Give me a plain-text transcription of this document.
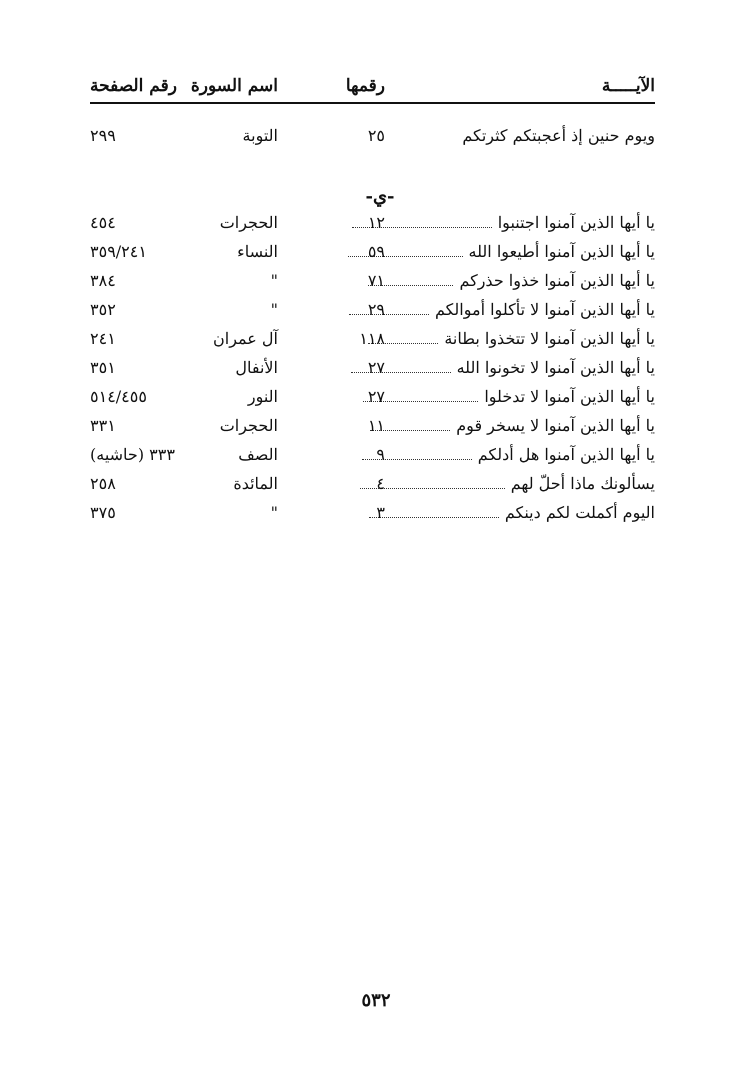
الآيـــــة
رقمها
اسم السورة
رقم الصفحة
ويوم حنين إذ أعجبتكم كثرتكم
٢٥
التوبة
٢٩٩
-ي-
يا أيها الذين آمنوا اجتنبوا
١٢
الحجرات
٤٥٤
يا أيها الذين آمنوا أطيعوا الله
٥٩
النساء
٣٥٩/٢٤١
يا أيها الذين آمنوا خذوا حذركم
٧١
"
٣٨٤
يا أيها الذين آمنوا لا تأكلوا أموالكم
٢٩
"
٣٥٢
يا أيها الذين آمنوا لا تتخذوا بطانة
١١٨
آل عمران
٢٤١
يا أيها الذين آمنوا لا تخونوا الله
٢٧
الأنفال
٣٥١
يا أيها الذين آمنوا لا تدخلوا
٢٧
النور
٥١٤/٤٥٥
يا أيها الذين آمنوا لا يسخر قوم
١١
الحجرات
٣٣١
يا أيها الذين آمنوا هل أدلكم
٩
الصف
٣٣٣ (حاشيه)
يسألونك ماذا أحلّ لهم
٤
المائدة
٢٥٨
اليوم أكملت لكم دينكم
٣
"
٣٧٥
٥٣٢
